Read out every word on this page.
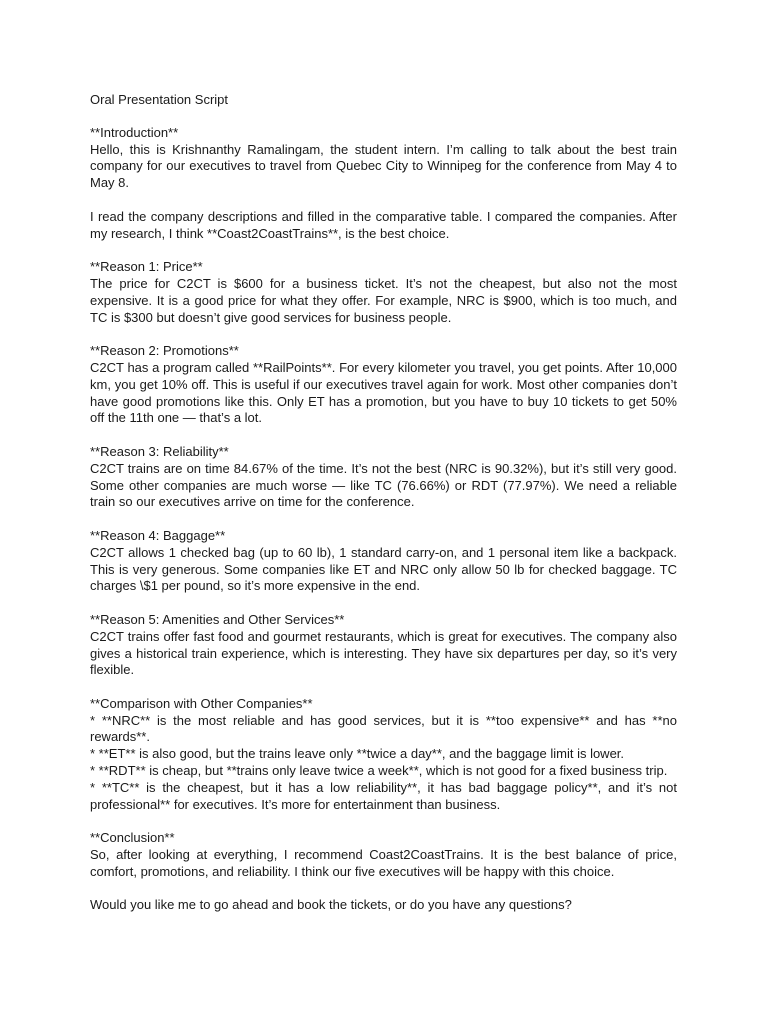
Oral Presentation Script

**Introduction**

Hello, this is Krishnanthy Ramalingam, the student intern. I’m calling to talk about the best train company for our executives to travel from Quebec City to Winnipeg for the conference from May 4 to May 8.

I read the company descriptions and filled in the comparative table. I compared the companies. After my research, I think **Coast2CoastTrains**, is the best choice.

**Reason 1: Price**

The price for C2CT is $600 for a business ticket. It’s not the cheapest, but also not the most expensive. It is a good price for what they offer. For example, NRC is $900, which is too much, and TC is $300 but doesn’t give good services for business people.

**Reason 2: Promotions**

C2CT has a program called **RailPoints**. For every kilometer you travel, you get points. After 10,000 km, you get 10% off. This is useful if our executives travel again for work. Most other companies don’t have good promotions like this. Only ET has a promotion, but you have to buy 10 tickets to get 50% off the 11th one — that’s a lot.

**Reason 3: Reliability**

C2CT trains are on time 84.67% of the time. It’s not the best (NRC is 90.32%), but it’s still very good. Some other companies are much worse — like TC (76.66%) or RDT (77.97%). We need a reliable train so our executives arrive on time for the conference.

**Reason 4: Baggage**

C2CT allows 1 checked bag (up to 60 lb), 1 standard carry-on, and 1 personal item like a backpack. This is very generous. Some companies like ET and NRC only allow 50 lb for checked baggage. TC charges \$1 per pound, so it’s more expensive in the end.

**Reason 5: Amenities and Other Services**

C2CT trains offer fast food and gourmet restaurants, which is great for executives. The company also gives a historical train experience, which is interesting. They have six departures per day, so it’s very flexible.

**Comparison with Other Companies**

* **NRC** is the most reliable and has good services, but it is **too expensive** and has **no rewards**.

* **ET** is also good, but the trains leave only **twice a day**, and the baggage limit is lower.

* **RDT** is cheap, but **trains only leave twice a week**, which is not good for a fixed business trip.

* **TC** is the cheapest, but it has a low reliability**, it has bad baggage policy**, and it’s not professional** for executives. It’s more for entertainment than business.

**Conclusion**

So, after looking at everything, I recommend Coast2CoastTrains. It is the best balance of price, comfort, promotions, and reliability. I think our five executives will be happy with this choice.

Would you like me to go ahead and book the tickets, or do you have any questions?
